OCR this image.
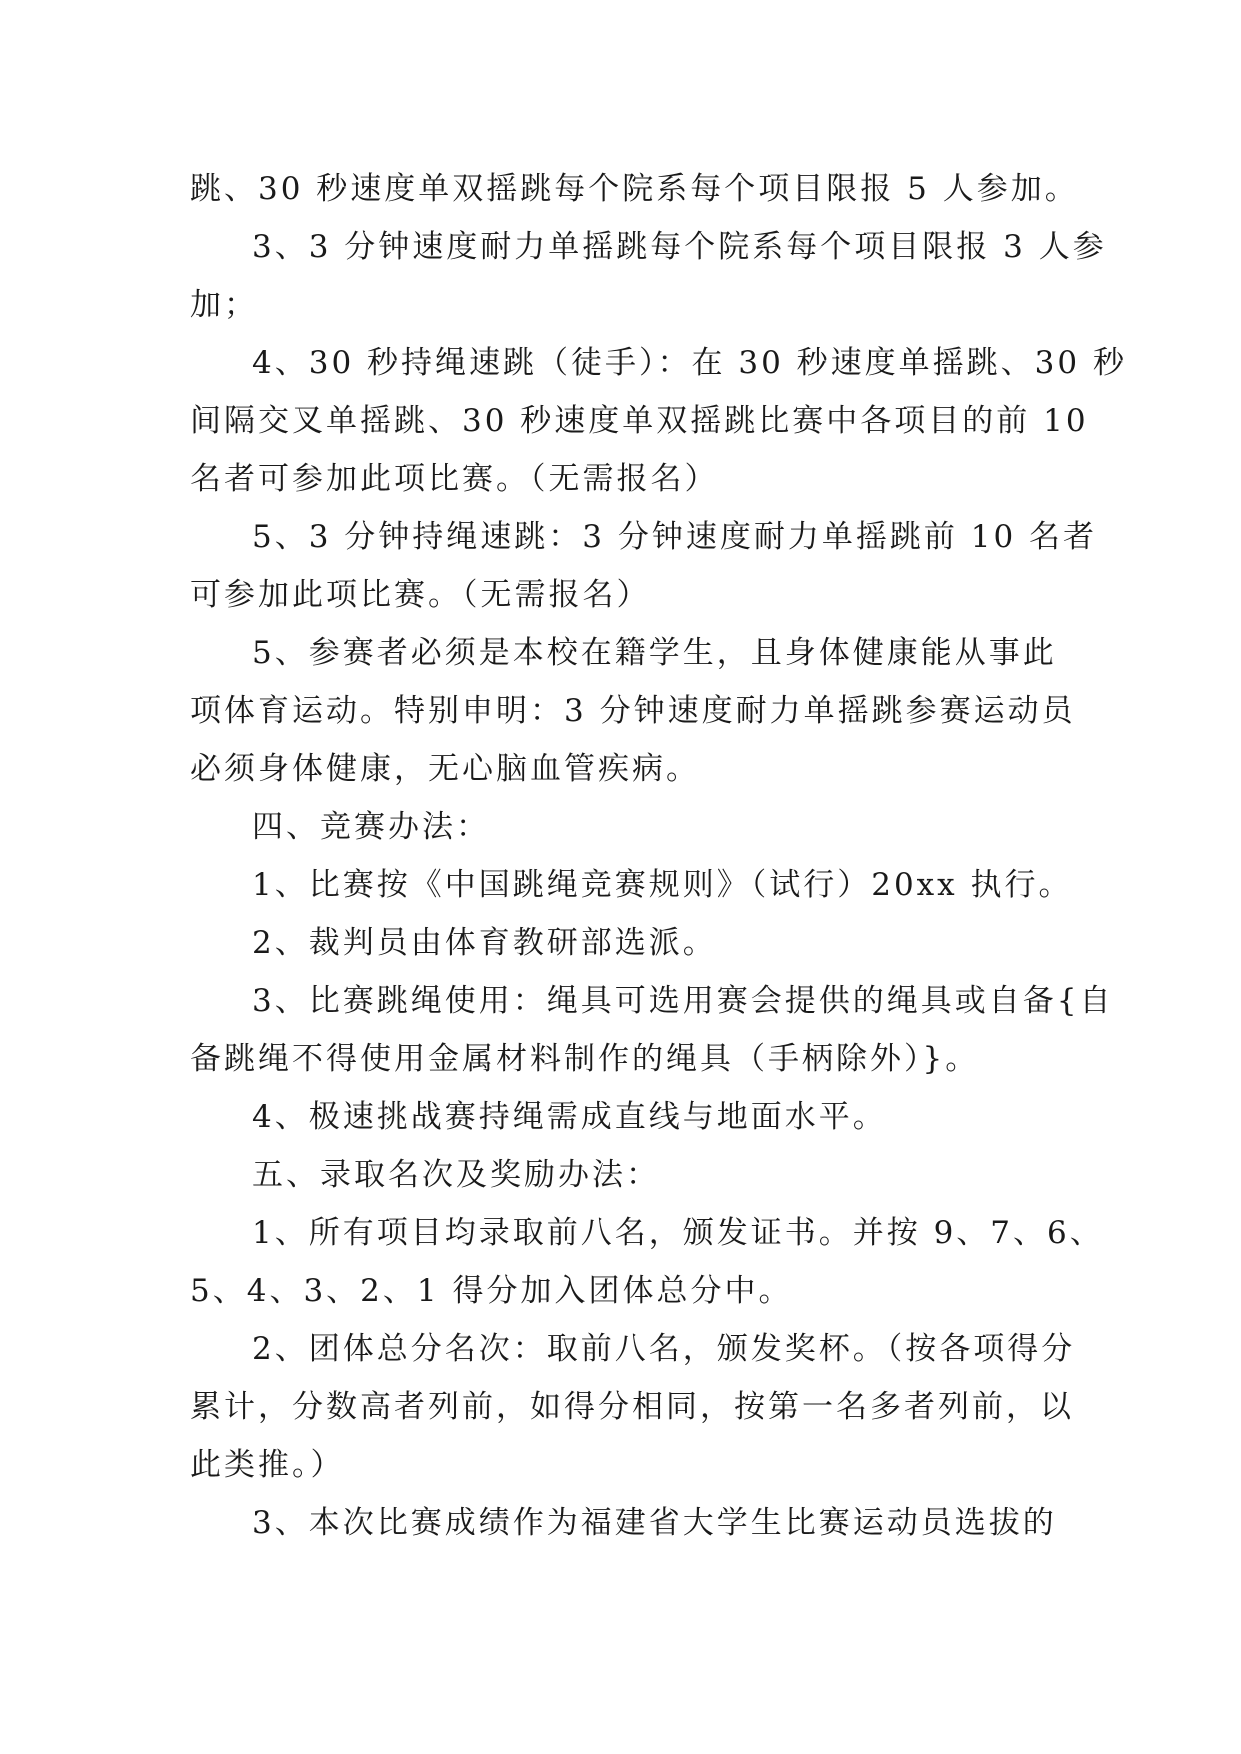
跳、30 秒速度单双摇跳每个院系每个项目限报 5 人参加。

3、3 分钟速度耐力单摇跳每个院系每个项目限报 3 人参

加；

4、30 秒持绳速跳（徒手）：在 30 秒速度单摇跳、30 秒

间隔交叉单摇跳、30 秒速度单双摇跳比赛中各项目的前 10

名者可参加此项比赛。（无需报名）

5、3 分钟持绳速跳：3 分钟速度耐力单摇跳前 10 名者

可参加此项比赛。（无需报名）

5、参赛者必须是本校在籍学生，且身体健康能从事此

项体育运动。特别申明：3 分钟速度耐力单摇跳参赛运动员

必须身体健康，无心脑血管疾病。

四、竞赛办法：

1、比赛按《中国跳绳竞赛规则》（试行）20xx 执行。

2、裁判员由体育教研部选派。

3、比赛跳绳使用：绳具可选用赛会提供的绳具或自备{自

备跳绳不得使用金属材料制作的绳具（手柄除外）}。

4、极速挑战赛持绳需成直线与地面水平。

五、录取名次及奖励办法：

1、所有项目均录取前八名，颁发证书。并按 9、7、6、

5、4、3、2、1 得分加入团体总分中。

2、团体总分名次：取前八名，颁发奖杯。（按各项得分

累计，分数高者列前，如得分相同，按第一名多者列前，以

此类推。）

3、本次比赛成绩作为福建省大学生比赛运动员选拔的
